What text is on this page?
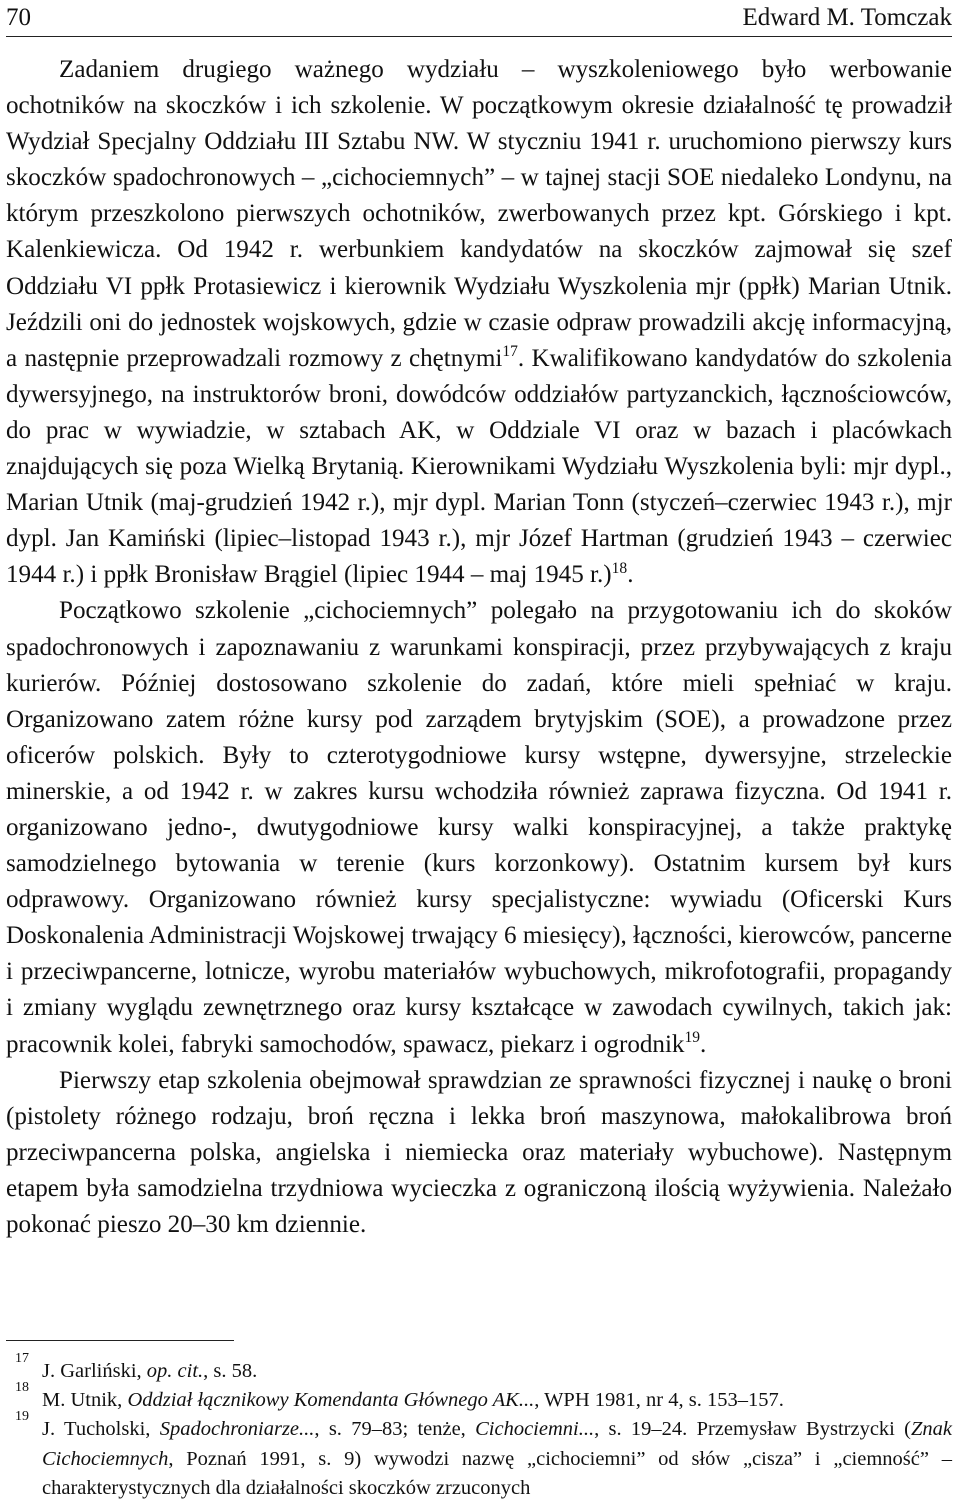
70	Edward M. Tomczak

Zadaniem drugiego ważnego wydziału – wyszkoleniowego było werbowanie ochotników na skoczków i ich szkolenie. W początkowym okresie działalność tę prowadził Wydział Specjalny Oddziału III Sztabu NW. W styczniu 1941 r. uruchomiono pierwszy kurs skoczków spadochronowych – „cichociemnych” – w tajnej stacji SOE niedaleko Londynu, na którym przeszkolono pierwszych ochotników, zwerbowanych przez kpt. Górskiego i kpt. Kalenkiewicza. Od 1942 r. werbunkiem kandydatów na skoczków zajmował się szef Oddziału VI ppłk Protasiewicz i kierownik Wydziału Wyszkolenia mjr (ppłk) Marian Utnik. Jeździli oni do jednostek wojskowych, gdzie w czasie odpraw prowadzili akcję informacyjną, a następnie przeprowadzali rozmowy z chętnymi$^{17}$. Kwalifikowano kandydatów do szkolenia dywersyjnego, na instruktorów broni, dowódców oddziałów partyzanckich, łącznościowców, do prac w wywiadzie, w sztabach AK, w Oddziale VI oraz w bazach i placówkach znajdujących się poza Wielką Brytanią. Kierownikami Wydziału Wyszkolenia byli: mjr dypl., Marian Utnik (maj-grudzień 1942 r.), mjr dypl. Marian Tonn (styczeń–czerwiec 1943 r.), mjr dypl. Jan Kamiński (lipiec–listopad 1943 r.), mjr Józef Hartman (grudzień 1943 – czerwiec 1944 r.) i ppłk Bronisław Brągiel (lipiec 1944 – maj 1945 r.)$^{18}$.

Początkowo szkolenie „cichociemnych” polegało na przygotowaniu ich do skoków spadochronowych i zapoznawaniu z warunkami konspiracji, przez przybywających z kraju kurierów. Później dostosowano szkolenie do zadań, które mieli spełniać w kraju. Organizowano zatem różne kursy pod zarządem brytyjskim (SOE), a prowadzone przez oficerów polskich. Były to czterotygodniowe kursy wstępne, dywersyjne, strzeleckie minerskie, a od 1942 r. w zakres kursu wchodziła również zaprawa fizyczna. Od 1941 r. organizowano jedno-, dwutygodniowe kursy walki konspiracyjnej, a także praktykę samodzielnego bytowania w terenie (kurs korzonkowy). Ostatnim kursem był kurs odprawowy. Organizowano również kursy specjalistyczne: wywiadu (Oficerski Kurs Doskonalenia Administracji Wojskowej trwający 6 miesięcy), łączności, kierowców, pancerne i przeciwpancerne, lotnicze, wyrobu materiałów wybuchowych, mikrofotografii, propagandy i zmiany wyglądu zewnętrznego oraz kursy kształcące w zawodach cywilnych, takich jak: pracownik kolei, fabryki samochodów, spawacz, piekarz i ogrodnik$^{19}$.

Pierwszy etap szkolenia obejmował sprawdzian ze sprawności fizycznej i naukę o broni (pistolety różnego rodzaju, broń ręczna i lekka broń maszynowa, małokalibrowa broń przeciwpancerna polska, angielska i niemiecka oraz materiały wybuchowe). Następnym etapem była samodzielna trzydniowa wycieczka z ograniczoną ilością wyżywienia. Należało pokonać pieszo 20–30 km dziennie.

17
J. Garliński, op. cit., s. 58.

18
M. Utnik, Oddział łącznikowy Komendanta Głównego AK..., WPH 1981, nr 4, s. 153–157.

19
J. Tucholski, Spadochroniarze..., s. 79–83; tenże, Cichociemni..., s. 19–24. Przemysław Bystrzycki (Znak Cichociemnych, Poznań 1991, s. 9) wywodzi nazwę „cichociemni” od słów „cisza” i „ciemność” – charakterystycznych dla działalności skoczków zrzuconych
